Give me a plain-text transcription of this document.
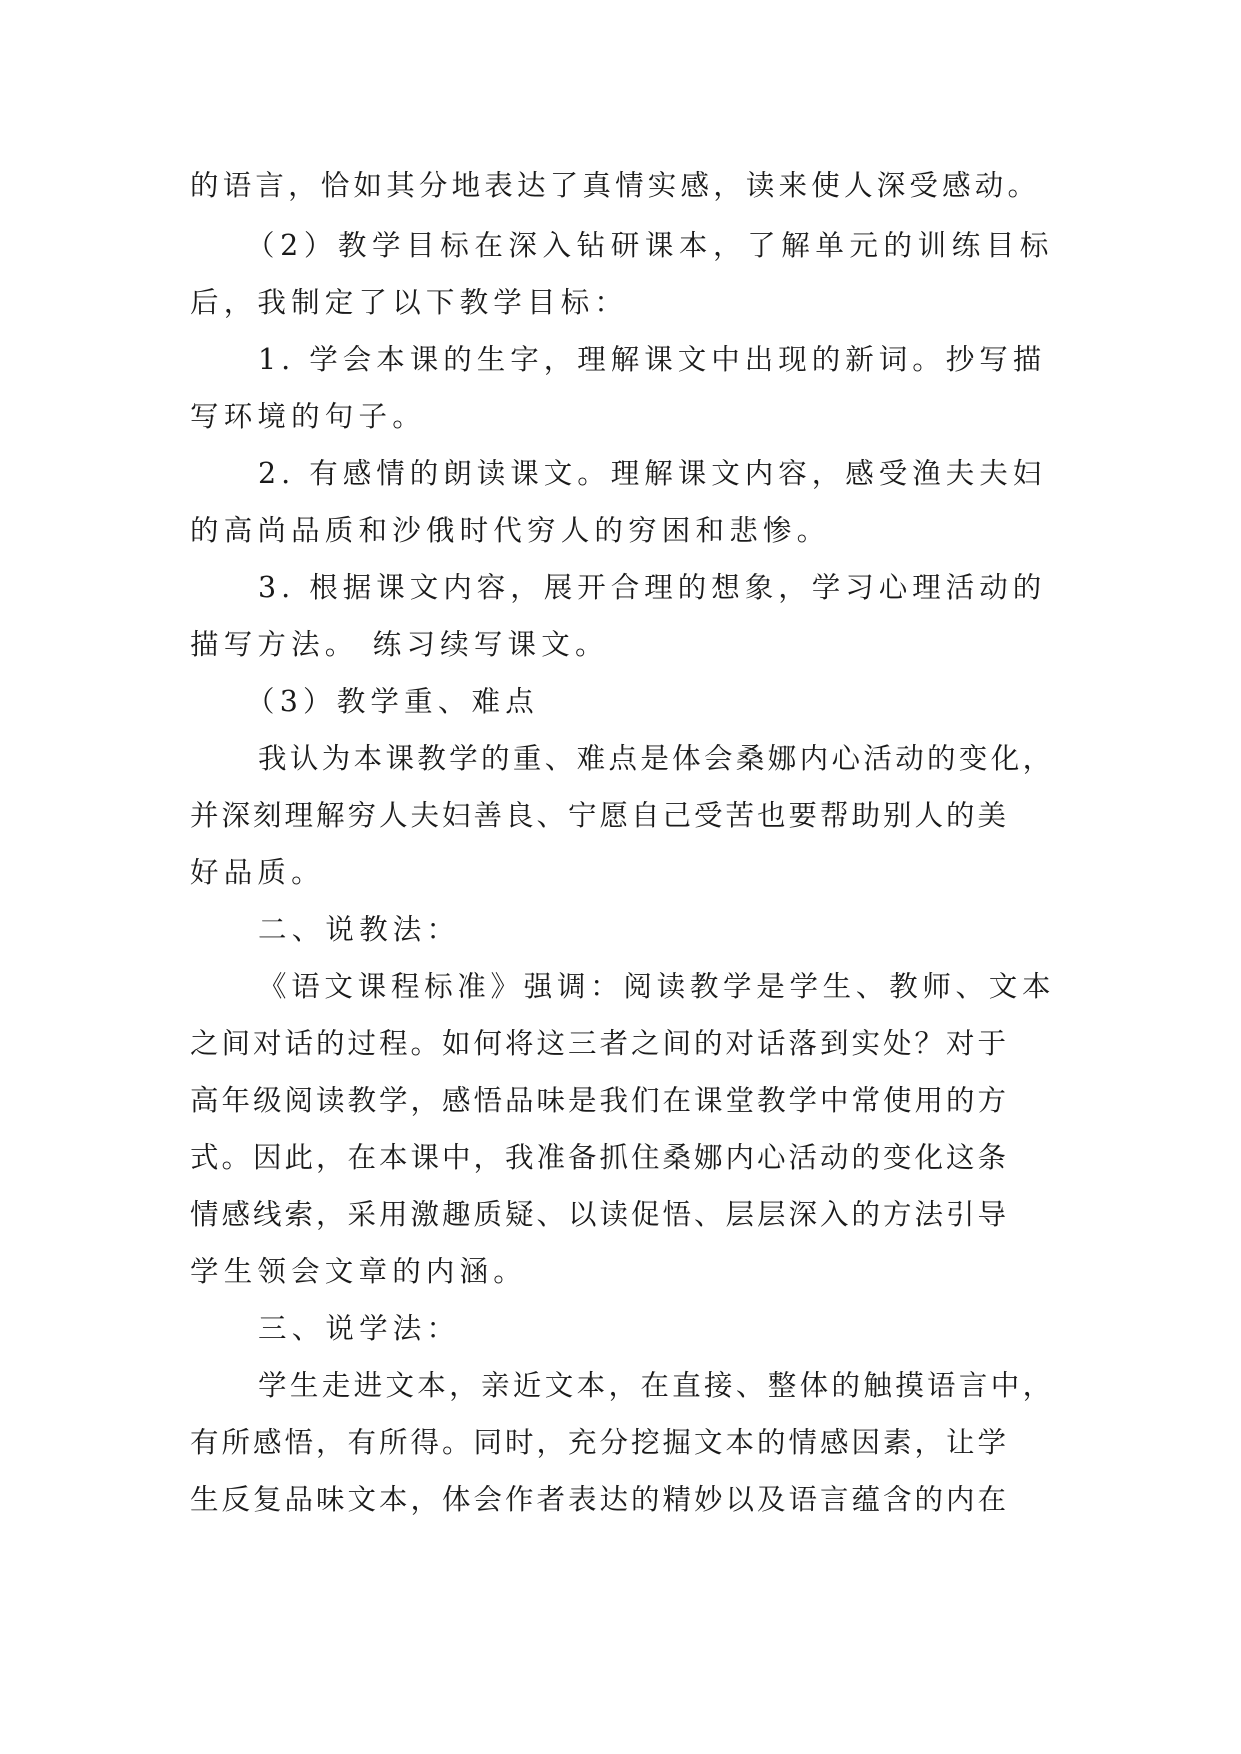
的语言，恰如其分地表达了真情实感，读来使人深受感动。
（2）教学目标在深入钻研课本，了解单元的训练目标
后，我制定了以下教学目标：
1. 学会本课的生字，理解课文中出现的新词。抄写描
写环境的句子。
2. 有感情的朗读课文。理解课文内容，感受渔夫夫妇
的高尚品质和沙俄时代穷人的穷困和悲惨。
3. 根据课文内容，展开合理的想象，学习心理活动的
描写方法。 练习续写课文。
（3）教学重、难点
我认为本课教学的重、难点是体会桑娜内心活动的变化，
并深刻理解穷人夫妇善良、宁愿自己受苦也要帮助别人的美
好品质。
二、说教法：
《语文课程标准》强调：阅读教学是学生、教师、文本
之间对话的过程。如何将这三者之间的对话落到实处？对于
高年级阅读教学，感悟品味是我们在课堂教学中常使用的方
式。因此，在本课中，我准备抓住桑娜内心活动的变化这条
情感线索，采用激趣质疑、以读促悟、层层深入的方法引导
学生领会文章的内涵。
三、说学法：
学生走进文本，亲近文本，在直接、整体的触摸语言中，
有所感悟，有所得。同时，充分挖掘文本的情感因素，让学
生反复品味文本，体会作者表达的精妙以及语言蕴含的内在
